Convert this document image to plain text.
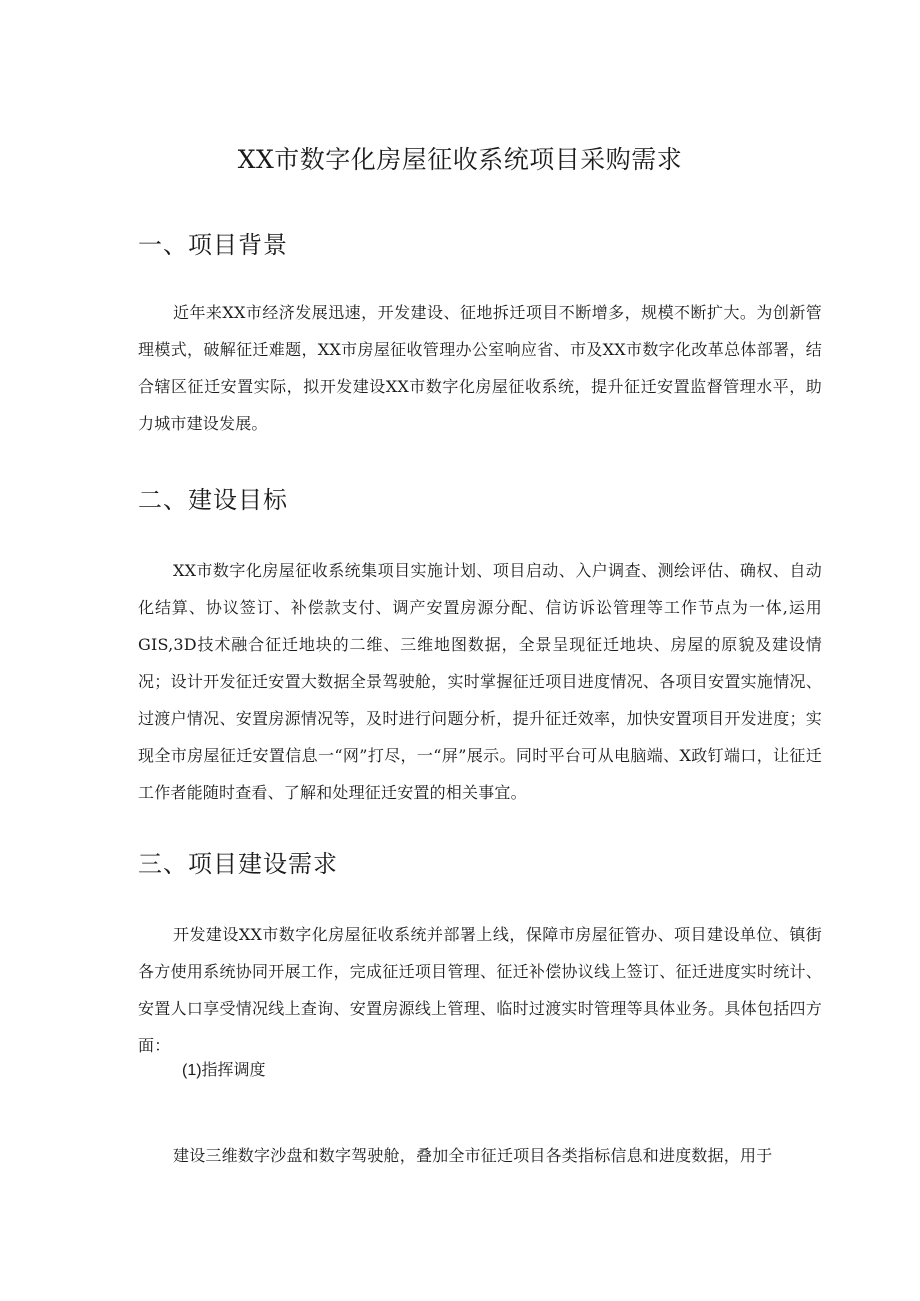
XX市数字化房屋征收系统项目采购需求
一、项目背景

近年来XX市经济发展迅速，开发建设、征地拆迁项目不断增多，规模不断扩大。为创新管理模式，破解征迁难题，XX市房屋征收管理办公室响应省、市及XX市数字化改革总体部署，结合辖区征迁安置实际，拟开发建设XX市数字化房屋征收系统，提升征迁安置监督管理水平，助力城市建设发展。

二、建设目标

XX市数字化房屋征收系统集项目实施计划、项目启动、入户调查、测绘评估、确权、自动化结算、协议签订、补偿款支付、调产安置房源分配、信访诉讼管理等工作节点为一体,运用GIS,3D技术融合征迁地块的二维、三维地图数据，全景呈现征迁地块、房屋的原貌及建设情况；设计开发征迁安置大数据全景驾驶舱，实时掌握征迁项目进度情况、各项目安置实施情况、过渡户情况、安置房源情况等，及时进行问题分析，提升征迁效率，加快安置项目开发进度；实现全市房屋征迁安置信息一“网”打尽，一“屏”展示。同时平台可从电脑端、X政钉端口，让征迁工作者能随时查看、了解和处理征迁安置的相关事宜。

三、项目建设需求

开发建设XX市数字化房屋征收系统并部署上线，保障市房屋征管办、项目建设单位、镇街各方使用系统协同开展工作，完成征迁项目管理、征迁补偿协议线上签订、征迁进度实时统计、安置人口享受情况线上查询、安置房源线上管理、临时过渡实时管理等具体业务。具体包括四方面：

(1)指挥调度

建设三维数字沙盘和数字驾驶舱，叠加全市征迁项目各类指标信息和进度数据，用于
